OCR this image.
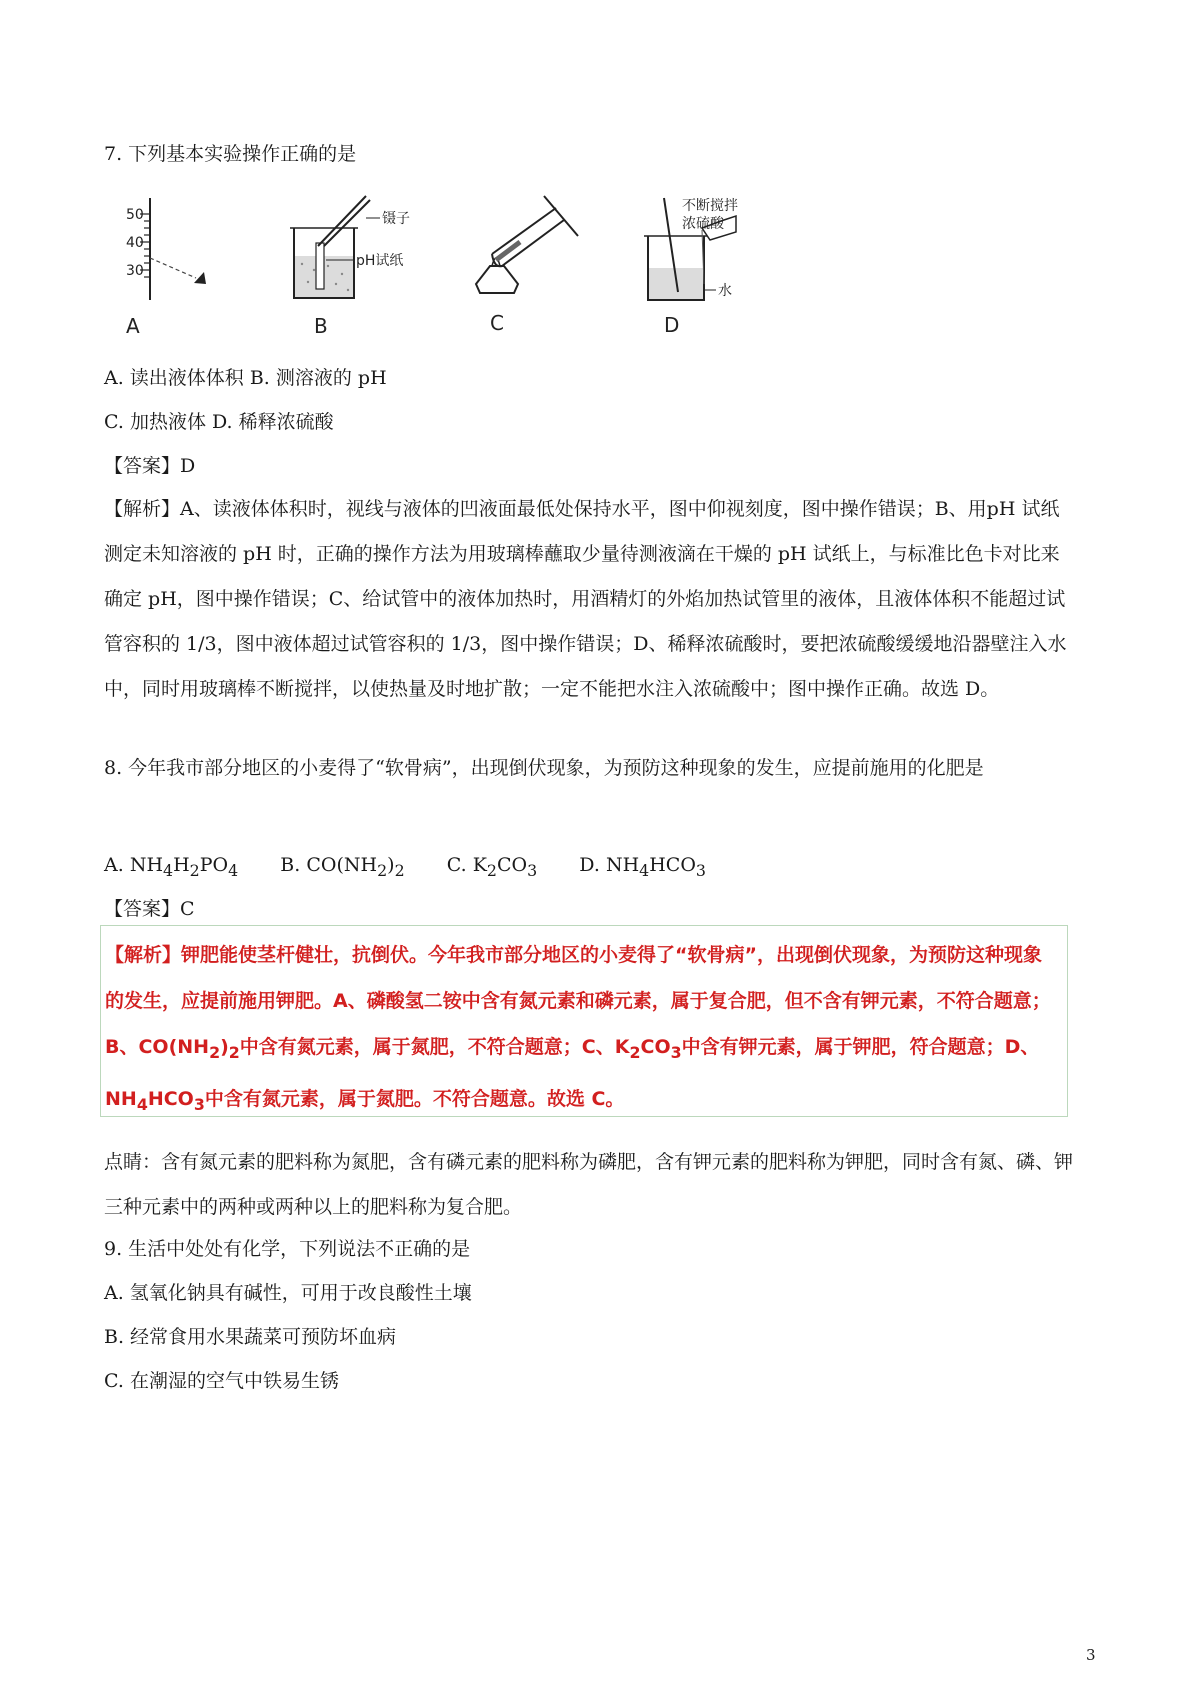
7. 下列基本实验操作正确的是
50
40
30
A
镊子
pH试纸
B	C
不断搅拌
浓硫酸
水
D
A. 读出液体体积 B. 测溶液的 pH
C. 加热液体 D. 稀释浓硫酸
【答案】D
【解析】A、读液体体积时，视线与液体的凹液面最低处保持水平，图中仰视刻度，图中操作错误；B、用pH 试纸测定未知溶液的 pH 时，正确的操作方法为用玻璃棒蘸取少量待测液滴在干燥的 pH 试纸上，与标准比色卡对比来确定 pH，图中操作错误；C、给试管中的液体加热时，用酒精灯的外焰加热试管里的液体，且液体体积不能超过试管容积的 1/3，图中液体超过试管容积的 1/3，图中操作错误；D、稀释浓硫酸时，要把浓硫酸缓缓地沿器壁注入水中，同时用玻璃棒不断搅拌，以使热量及时地扩散；一定不能把水注入浓硫酸中；图中操作正确。故选 D。
8. 今年我市部分地区的小麦得了“软骨病”，出现倒伏现象，为预防这种现象的发生，应提前施用的化肥是
A. $NH_4H_2PO_4$ B. $CO(NH_2)_2$ C. $K_2CO_3$ D. $NH_4HCO_3$
【答案】C
【解析】钾肥能使茎杆健壮，抗倒伏。今年我市部分地区的小麦得了“软骨病”，出现倒伏现象，为预防这种现象的发生，应提前施用钾肥。A、磷酸氢二铵中含有氮元素和磷元素，属于复合肥，但不含有钾元素，不符合题意；B、$CO(NH_2)_2$中含有氮元素，属于氮肥，不符合题意；C、$K_2CO_3$中含有钾元素，属于钾肥，符合题意；D、$NH_4HCO_3$中含有氮元素，属于氮肥。不符合题意。故选 C。
点睛：含有氮元素的肥料称为氮肥，含有磷元素的肥料称为磷肥，含有钾元素的肥料称为钾肥，同时含有氮、磷、钾三种元素中的两种或两种以上的肥料称为复合肥。
9. 生活中处处有化学，下列说法不正确的是
A. 氢氧化钠具有碱性，可用于改良酸性土壤
B. 经常食用水果蔬菜可预防坏血病
C. 在潮湿的空气中铁易生锈
3
